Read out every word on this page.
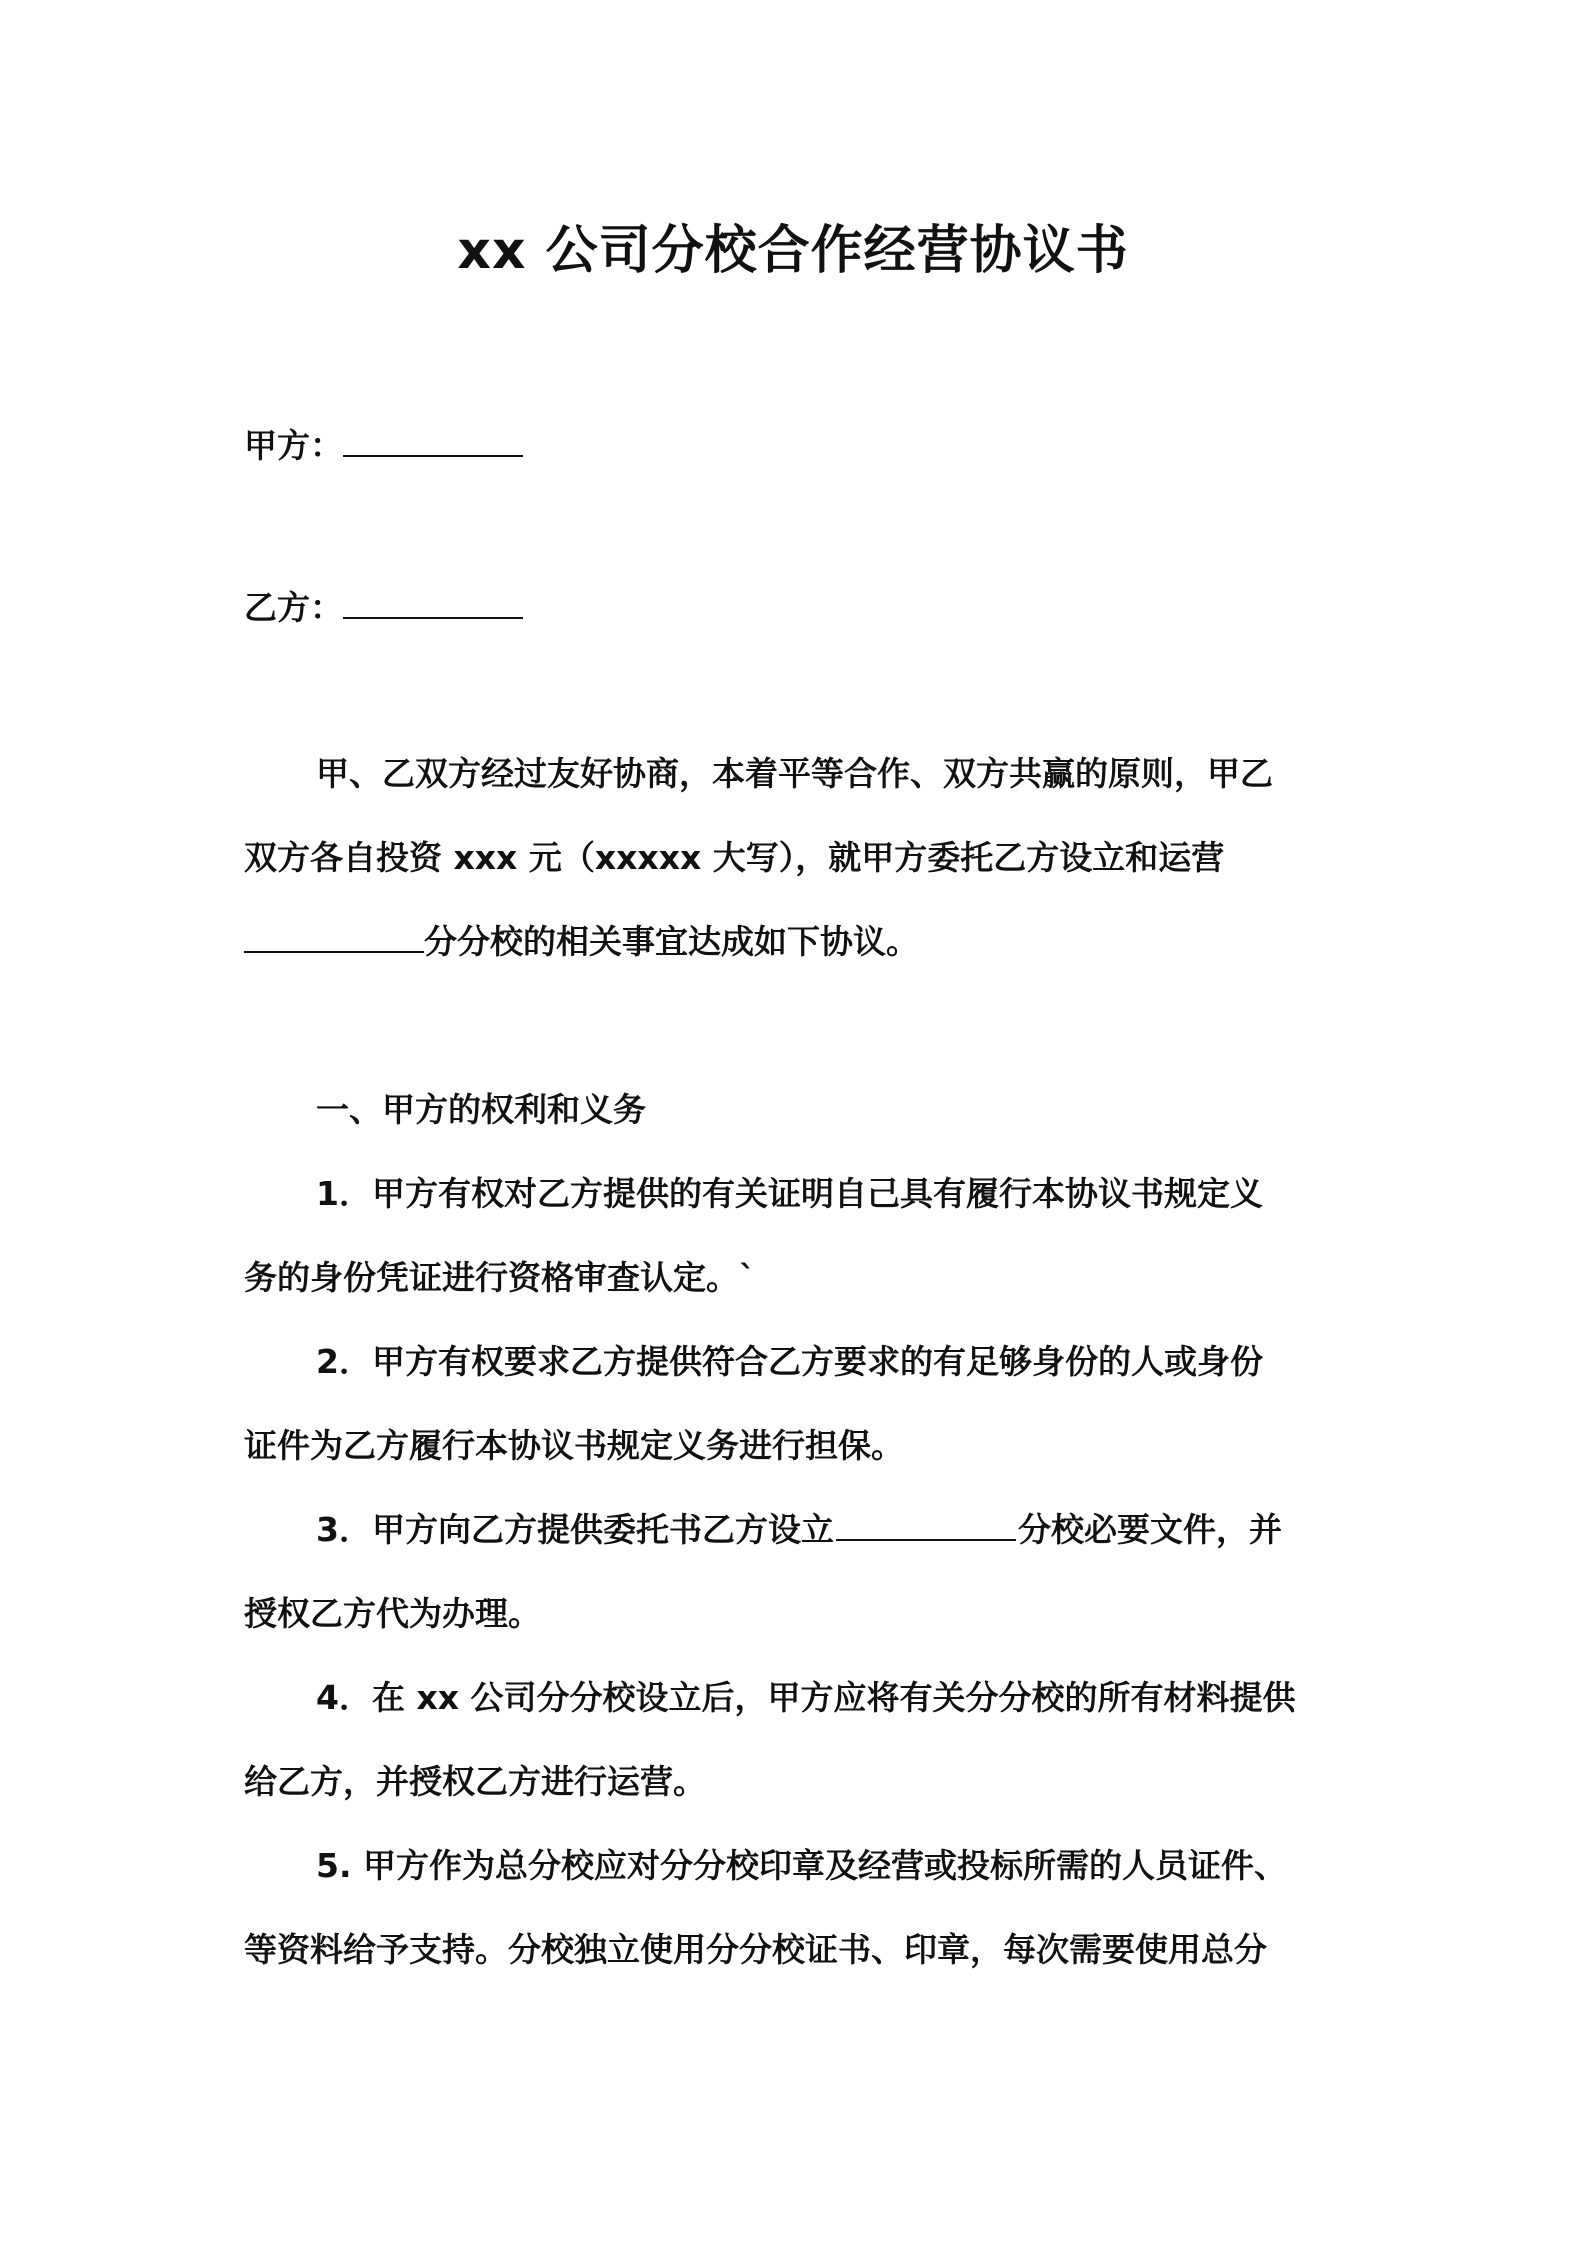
xx 公司分校合作经营协议书
甲方：
乙方：
甲、乙双方经过友好协商，本着平等合作、双方共赢的原则，甲乙
双方各自投资 xxx 元（xxxxx 大写），就甲方委托乙方设立和运营
分分校的相关事宜达成如下协议。
一、甲方的权利和义务
1．甲方有权对乙方提供的有关证明自己具有履行本协议书规定义
务的身份凭证进行资格审查认定。`
2．甲方有权要求乙方提供符合乙方要求的有足够身份的人或身份
证件为乙方履行本协议书规定义务进行担保。
3．甲方向乙方提供委托书乙方设立	分校必要文件，并
授权乙方代为办理。
4．在 xx 公司分分校设立后，甲方应将有关分分校的所有材料提供
给乙方，并授权乙方进行运营。
5. 甲方作为总分校应对分分校印章及经营或投标所需的人员证件、
等资料给予支持。分校独立使用分分校证书、印章，每次需要使用总分
